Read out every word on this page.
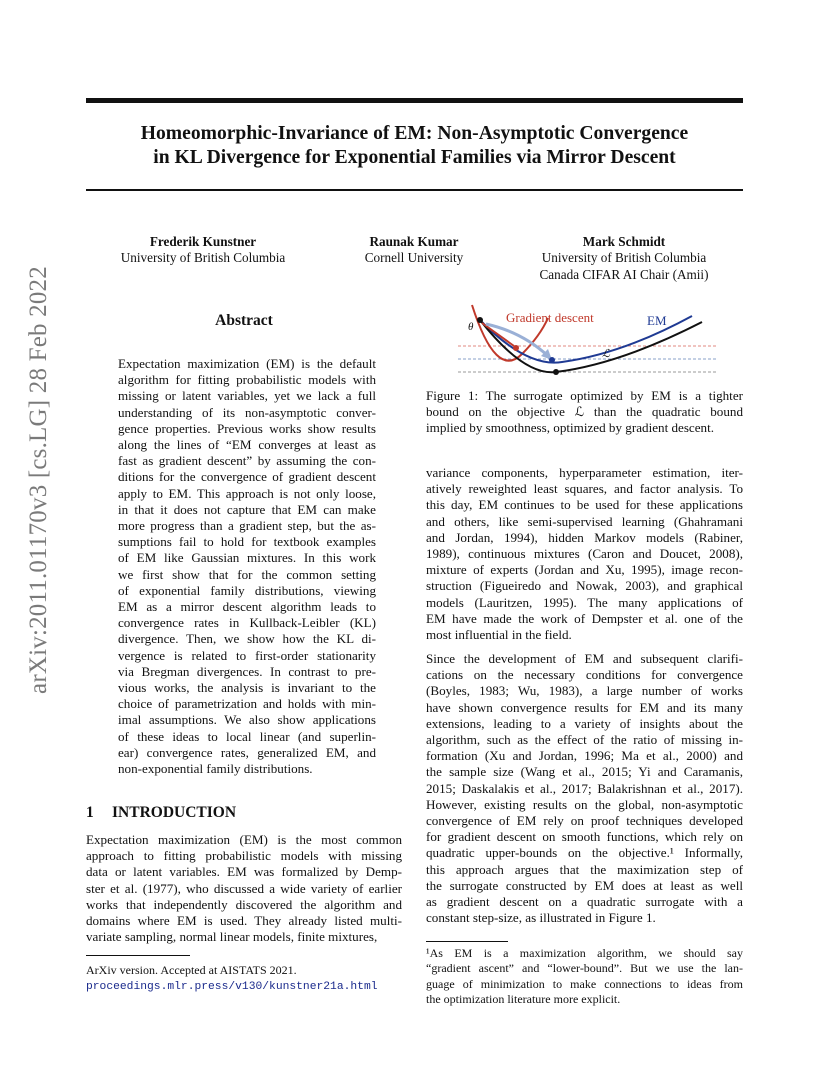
Homeomorphic-Invariance of EM: Non-Asymptotic Convergence
in KL Divergence for Exponential Families via Mirror Descent
arXiv:2011.01170v3 [cs.LG] 28 Feb 2022
Frederik Kunstner
University of British Columbia
Raunak Kumar
Cornell University
Mark Schmidt
University of British Columbia
Canada CIFAR AI Chair (Amii)
Abstract
Expectation maximization (EM) is the default
algorithm for fitting probabilistic models with
missing or latent variables, yet we lack a full
understanding of its non-asymptotic conver-
gence properties. Previous works show results
along the lines of “EM converges at least as
fast as gradient descent” by assuming the con-
ditions for the convergence of gradient descent
apply to EM. This approach is not only loose,
in that it does not capture that EM can make
more progress than a gradient step, but the as-
sumptions fail to hold for textbook examples
of EM like Gaussian mixtures. In this work
we first show that for the common setting
of exponential family distributions, viewing
EM as a mirror descent algorithm leads to
convergence rates in Kullback-Leibler (KL)
divergence. Then, we show how the KL di-
vergence is related to first-order stationarity
via Bregman divergences. In contrast to pre-
vious works, the analysis is invariant to the
choice of parametrization and holds with min-
imal assumptions. We also show applications
of these ideas to local linear (and superlin-
ear) convergence rates, generalized EM, and
non-exponential family distributions.
1 INTRODUCTION
Expectation maximization (EM) is the most common
approach to fitting probabilistic models with missing
data or latent variables. EM was formalized by Demp-
ster et al. (1977), who discussed a wide variety of earlier
works that independently discovered the algorithm and
domains where EM is used. They already listed multi-
variate sampling, normal linear models, finite mixtures,
ArXiv version. Accepted at AISTATS 2021.
proceedings.mlr.press/v130/kunstner21a.html
θ
Gradient descent	EM
ℒ
Figure 1: The surrogate optimized by EM is a tighter
bound on the objective ℒ than the quadratic bound
implied by smoothness, optimized by gradient descent.
variance components, hyperparameter estimation, iter-
atively reweighted least squares, and factor analysis. To
this day, EM continues to be used for these applications
and others, like semi-supervised learning (Ghahramani
and Jordan, 1994), hidden Markov models (Rabiner,
1989), continuous mixtures (Caron and Doucet, 2008),
mixture of experts (Jordan and Xu, 1995), image recon-
struction (Figueiredo and Nowak, 2003), and graphical
models (Lauritzen, 1995). The many applications of
EM have made the work of Dempster et al. one of the
most influential in the field.
Since the development of EM and subsequent clarifi-
cations on the necessary conditions for convergence
(Boyles, 1983; Wu, 1983), a large number of works
have shown convergence results for EM and its many
extensions, leading to a variety of insights about the
algorithm, such as the effect of the ratio of missing in-
formation (Xu and Jordan, 1996; Ma et al., 2000) and
the sample size (Wang et al., 2015; Yi and Caramanis,
2015; Daskalakis et al., 2017; Balakrishnan et al., 2017).
However, existing results on the global, non-asymptotic
convergence of EM rely on proof techniques developed
for gradient descent on smooth functions, which rely on
quadratic upper-bounds on the objective.¹ Informally,
this approach argues that the maximization step of
the surrogate constructed by EM does at least as well
as gradient descent on a quadratic surrogate with a
constant step-size, as illustrated in Figure 1.
¹As EM is a maximization algorithm, we should say
“gradient ascent” and “lower-bound”. But we use the lan-
guage of minimization to make connections to ideas from
the optimization literature more explicit.
